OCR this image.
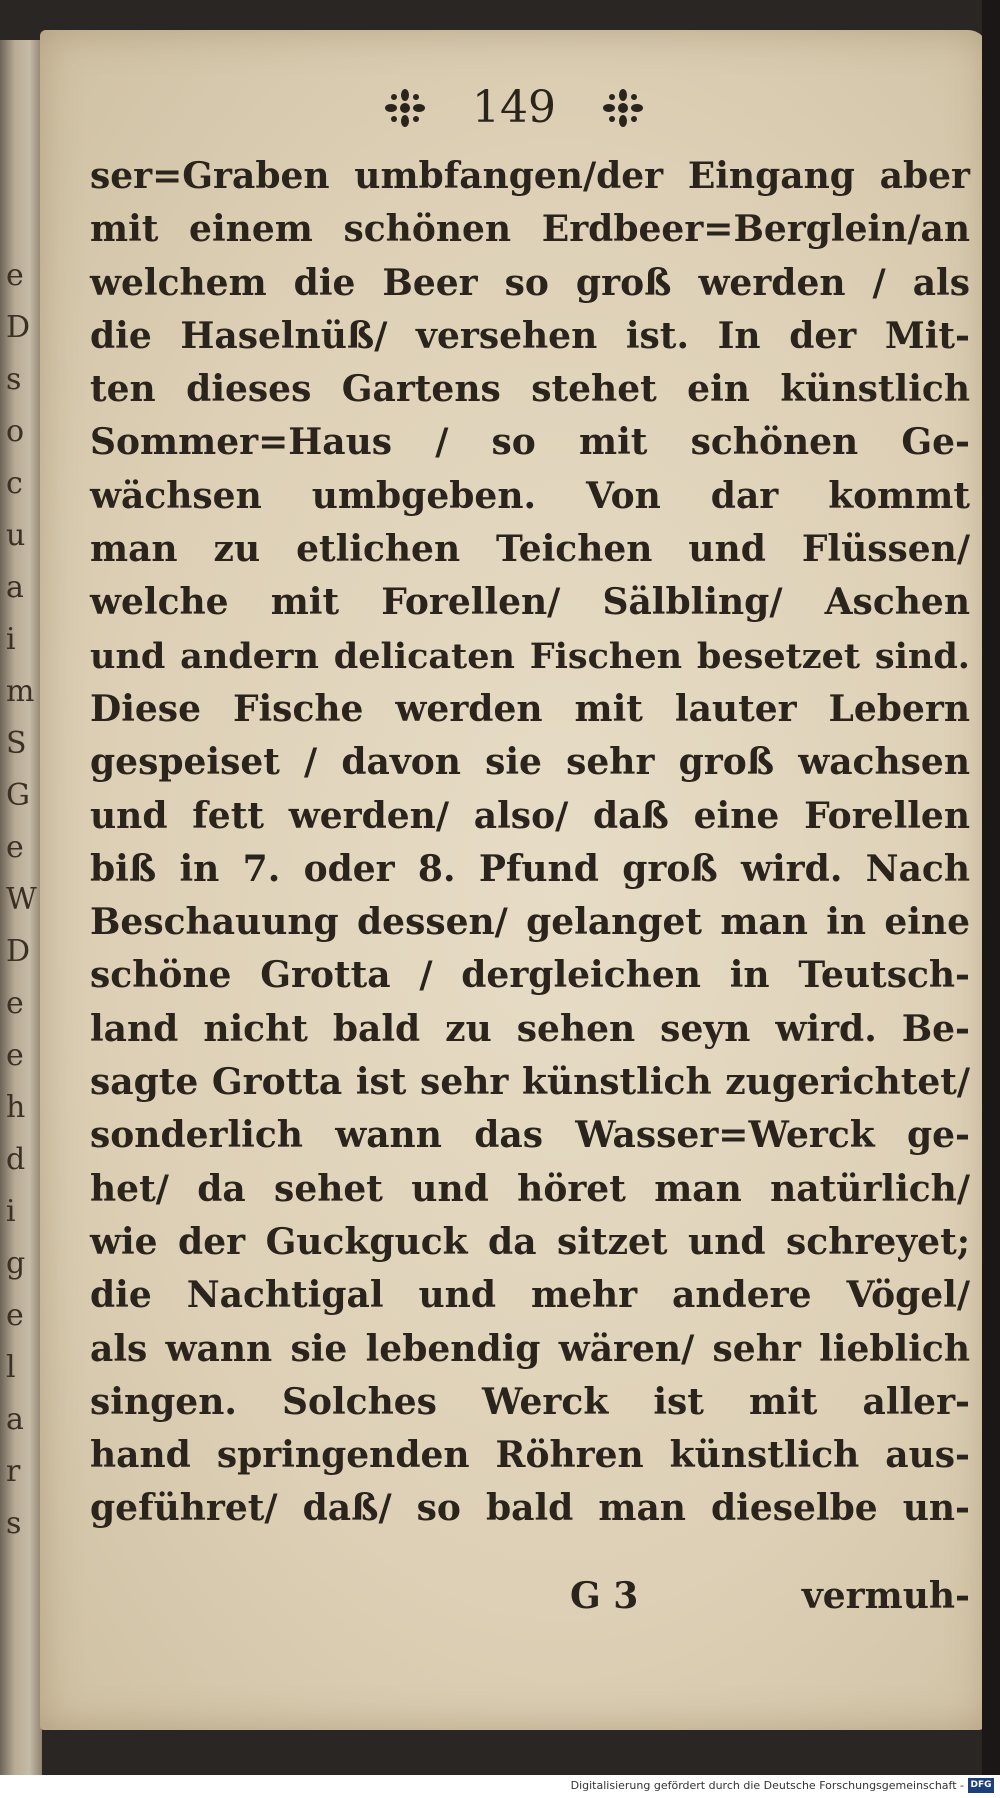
e
D
s
o
c
u
a
i
m
S
G
e
W
D
e
e
h
d
i
g
e
l
a
r
s
149
ser=Graben umbfangen/der Eingang aber
mit einem schönen Erdbeer=Berglein/an
welchem die Beer so groß werden / als
die Haselnüß/ versehen ist. In der Mit-
ten dieses Gartens stehet ein künstlich
Sommer=Haus / so mit schönen Ge-
wächsen umbgeben. Von dar kommt
man zu etlichen Teichen und Flüssen/
welche mit Forellen/ Sälbling/ Aschen
und andern delicaten Fischen besetzet sind.
Diese Fische werden mit lauter Lebern
gespeiset / davon sie sehr groß wachsen
und fett werden/ also/ daß eine Forellen
biß in 7. oder 8. Pfund groß wird. Nach
Beschauung dessen/ gelanget man in eine
schöne Grotta / dergleichen in Teutsch-
land nicht bald zu sehen seyn wird. Be-
sagte Grotta ist sehr künstlich zugerichtet/
sonderlich wann das Wasser=Werck ge-
het/ da sehet und höret man natürlich/
wie der Guckguck da sitzet und schreyet;
die Nachtigal und mehr andere Vögel/
als wann sie lebendig wären/ sehr lieblich
singen. Solches Werck ist mit aller-
hand springenden Röhren künstlich aus-
geführet/ daß/ so bald man dieselbe un-
G 3	vermuh-
Digitalisierung gefördert durch die Deutsche Forschungsgemeinschaft - DFG
